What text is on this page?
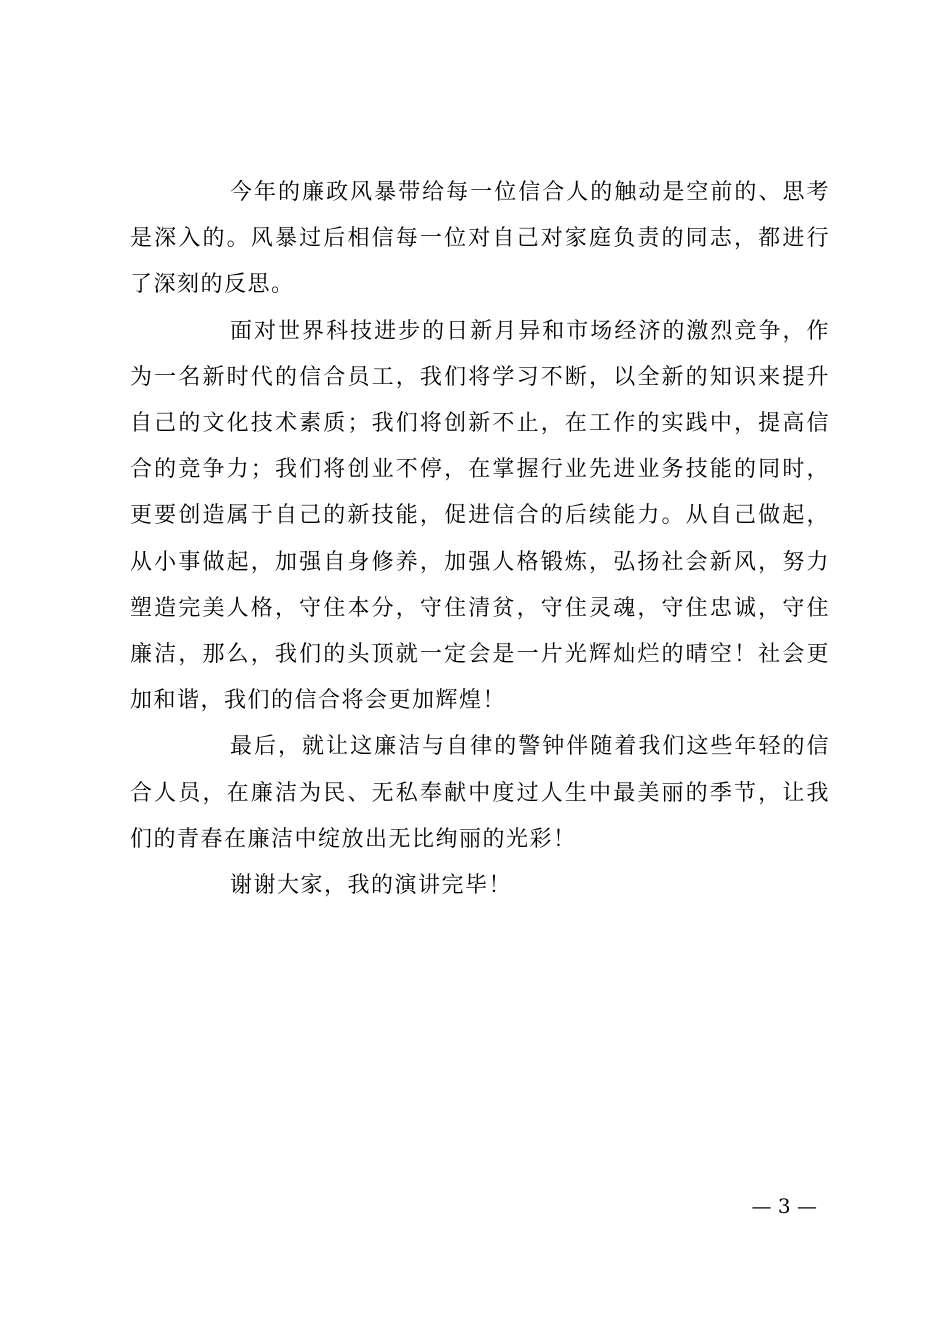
今年的廉政风暴带给每一位信合人的触动是空前的、思考是深入的。风暴过后相信每一位对自己对家庭负责的同志，都进行了深刻的反思。

面对世界科技进步的日新月异和市场经济的激烈竞争，作为一名新时代的信合员工，我们将学习不断，以全新的知识来提升自己的文化技术素质；我们将创新不止，在工作的实践中，提高信合的竞争力；我们将创业不停，在掌握行业先进业务技能的同时，更要创造属于自己的新技能，促进信合的后续能力。从自己做起，从小事做起，加强自身修养，加强人格锻炼，弘扬社会新风，努力塑造完美人格，守住本分，守住清贫，守住灵魂，守住忠诚，守住廉洁，那么，我们的头顶就一定会是一片光辉灿烂的晴空！社会更加和谐，我们的信合将会更加辉煌！

最后，就让这廉洁与自律的警钟伴随着我们这些年轻的信合人员，在廉洁为民、无私奉献中度过人生中最美丽的季节，让我们的青春在廉洁中绽放出无比绚丽的光彩！

谢谢大家，我的演讲完毕！

— 3 —
